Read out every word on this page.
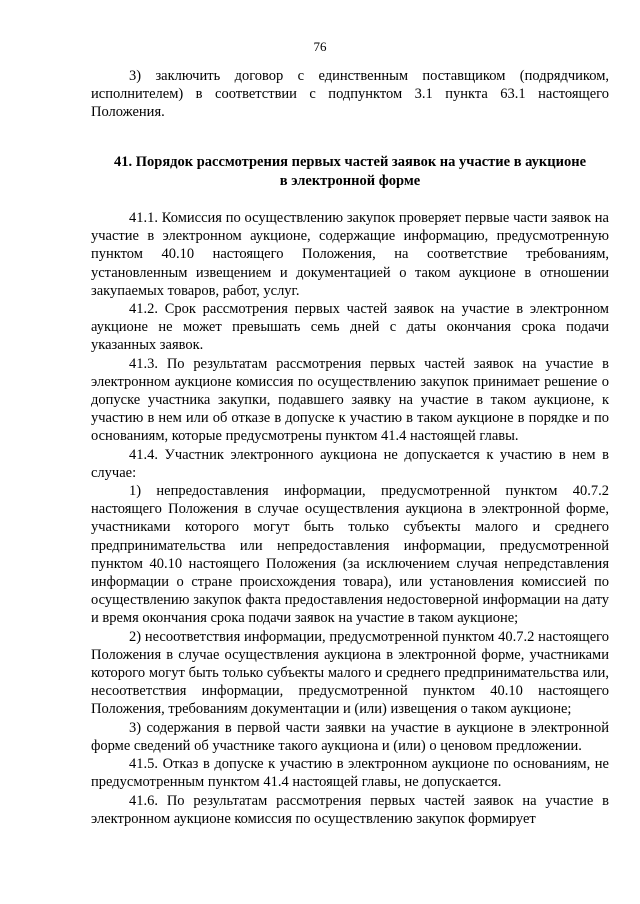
76

3) заключить договор с единственным поставщиком (подрядчиком, исполнителем) в соответствии с подпунктом 3.1 пункта 63.1 настоящего Положения.

41. Порядок рассмотрения первых частей заявок на участие в аукционе
в электронной форме

41.1. Комиссия по осуществлению закупок проверяет первые части заявок на участие в электронном аукционе, содержащие информацию, предусмотренную пунктом 40.10 настоящего Положения, на соответствие требованиям, установленным извещением и документацией о таком аукционе в отношении закупаемых товаров, работ, услуг.

41.2. Срок рассмотрения первых частей заявок на участие в электронном аукционе не может превышать семь дней с даты окончания срока подачи указанных заявок.

41.3. По результатам рассмотрения первых частей заявок на участие в электронном аукционе комиссия по осуществлению закупок принимает решение о допуске участника закупки, подавшего заявку на участие в таком аукционе, к участию в нем или об отказе в допуске к участию в таком аукционе в порядке и по основаниям, которые предусмотрены пунктом 41.4 настоящей главы.

41.4. Участник электронного аукциона не допускается к участию в нем в случае:

1) непредоставления информации, предусмотренной пунктом 40.7.2 настоящего Положения в случае осуществления аукциона в электронной форме, участниками которого могут быть только субъекты малого и среднего предпринимательства или непредоставления информации, предусмотренной пунктом 40.10 настоящего Положения (за исключением случая непредставления информации о стране происхождения товара), или установления комиссией по осуществлению закупок факта предоставления недостоверной информации на дату и время окончания срока подачи заявок на участие в таком аукционе;

2) несоответствия информации, предусмотренной пунктом 40.7.2 настоящего Положения в случае осуществления аукциона в электронной форме, участниками которого могут быть только субъекты малого и среднего предпринимательства или, несоответствия информации, предусмотренной пунктом 40.10 настоящего Положения, требованиям документации и (или) извещения о таком аукционе;

3) содержания в первой части заявки на участие в аукционе в электронной форме сведений об участнике такого аукциона и (или) о ценовом предложении.

41.5. Отказ в допуске к участию в электронном аукционе по основаниям, не предусмотренным пунктом 41.4 настоящей главы, не допускается.

41.6. По результатам рассмотрения первых частей заявок на участие в электронном аукционе комиссия по осуществлению закупок формирует
